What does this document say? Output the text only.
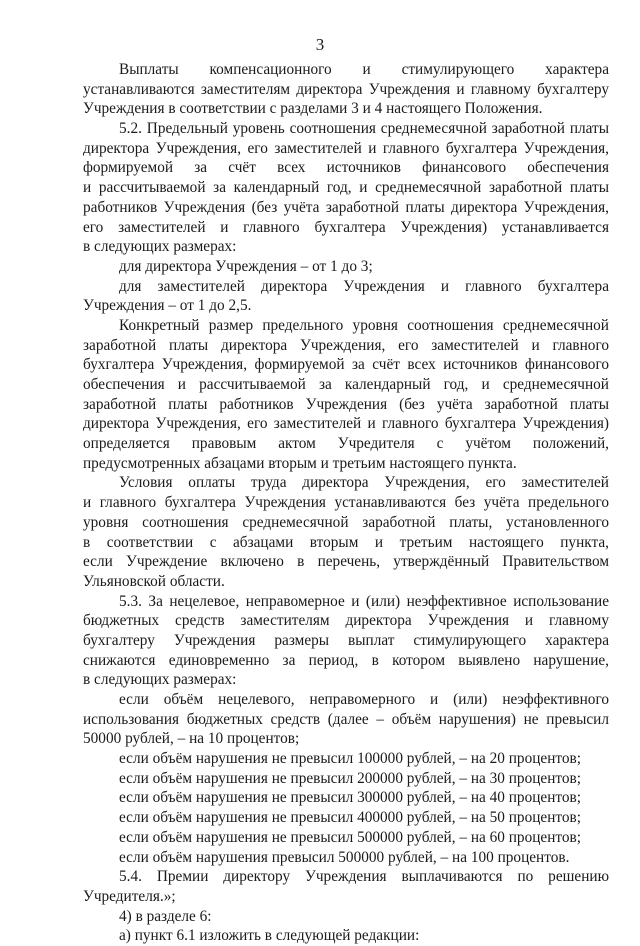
3
Выплаты компенсационного и стимулирующего характера
устанавливаются заместителям директора Учреждения и главному бухгалтеру
Учреждения в соответствии с разделами 3 и 4 настоящего Положения.
5.2. Предельный уровень соотношения среднемесячной заработной платы
директора Учреждения, его заместителей и главного бухгалтера Учреждения,
формируемой за счёт всех источников финансового обеспечения
и рассчитываемой за календарный год, и среднемесячной заработной платы
работников Учреждения (без учёта заработной платы директора Учреждения,
его заместителей и главного бухгалтера Учреждения) устанавливается
в следующих размерах:
для директора Учреждения – от 1 до 3;
для заместителей директора Учреждения и главного бухгалтера
Учреждения – от 1 до 2,5.
Конкретный размер предельного уровня соотношения среднемесячной
заработной платы директора Учреждения, его заместителей и главного
бухгалтера Учреждения, формируемой за счёт всех источников финансового
обеспечения и рассчитываемой за календарный год, и среднемесячной
заработной платы работников Учреждения (без учёта заработной платы
директора Учреждения, его заместителей и главного бухгалтера Учреждения)
определяется правовым актом Учредителя с учётом положений,
предусмотренных абзацами вторым и третьим настоящего пункта.
Условия оплаты труда директора Учреждения, его заместителей
и главного бухгалтера Учреждения устанавливаются без учёта предельного
уровня соотношения среднемесячной заработной платы, установленного
в соответствии с абзацами вторым и третьим настоящего пункта,
если Учреждение включено в перечень, утверждённый Правительством
Ульяновской области.
5.3. За нецелевое, неправомерное и (или) неэффективное использование
бюджетных средств заместителям директора Учреждения и главному
бухгалтеру Учреждения размеры выплат стимулирующего характера
снижаются единовременно за период, в котором выявлено нарушение,
в следующих размерах:
если объём нецелевого, неправомерного и (или) неэффективного
использования бюджетных средств (далее – объём нарушения) не превысил
50000 рублей, – на 10 процентов;
если объём нарушения не превысил 100000 рублей, – на 20 процентов;
если объём нарушения не превысил 200000 рублей, – на 30 процентов;
если объём нарушения не превысил 300000 рублей, – на 40 процентов;
если объём нарушения не превысил 400000 рублей, – на 50 процентов;
если объём нарушения не превысил 500000 рублей, – на 60 процентов;
если объём нарушения превысил 500000 рублей, – на 100 процентов.
5.4. Премии директору Учреждения выплачиваются по решению
Учредителя.»;
4) в разделе 6:
а) пункт 6.1 изложить в следующей редакции:
